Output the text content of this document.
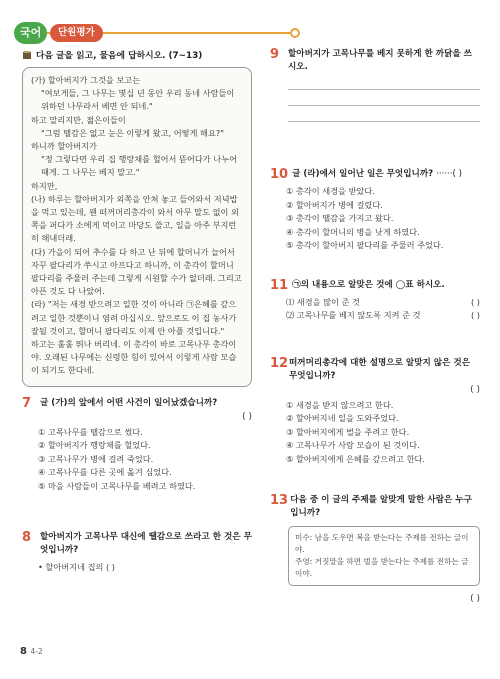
국어	단원평가
다음 글을 읽고, 물음에 답하시오. (7~13)

(가) 할아버지가 그것을 보고는

"여보게들, 그 나무는 몇십 년 동안 우리 동네 사람들이 위하던 나무라서 베면 안 되네."

하고 말리지만, 젊은이들이

"그럼 땔감은 없고 눈은 이렇게 왔고, 어떻게 해요?"

하니까 할아버지가

"정 그렇다면 우리 집 행랑채를 헐어서 뜯어다가 나누어 때게. 그 나무는 베지 말고."

하지만,

(나) 하루는 할아버지가 외쪽을 안쳐 놓고 들어와서 저녁밥을 먹고 있는데, 웬 떠꺼머리총각이 와서 아무 말도 없이 외쪽을 퍼다가 소에게 먹이고 마당도 쓸고, 일을 아주 부지런히 해내더래.

(다) 가을이 되어 추수를 다 하고 난 뒤에 할머니가 늘어서 자꾸 팔다리가 쑤시고 아프다고 하니까, 이 총각이 할머니 팔다리를 주물러 주는데 그렇게 시원할 수가 없더래. 그리고 아픈 것도 다 나았어.

(라) "저는 새경 받으려고 일한 것이 아니라 ㉠은혜를 갚으려고 일한 것뿐이니 염려 마십시오. 앞으로도 이 집 농사가 잘될 것이고, 할머니 팔다리도 이제 안 아플 것입니다."

하고는 훌훌 뛰나 버리네. 이 총각이 바로 고목나무 총각이야. 오래된 나무에는 신령한 힘이 있어서 이렇게 사람 모습이 되기도 한다네.

7	글 (가)의 앞에서 어떤 사건이 일어났겠습니까?
( )
① 고목나무를 땔감으로 썼다.
② 할아버지가 행랑채를 헐었다.
③ 고목나무가 병에 걸려 죽었다.
④ 고목나무를 다른 곳에 옮겨 심었다.
⑤ 마을 사람들이 고목나무를 베려고 하였다.
8	할아버지가 고목나무 대신에 땔감으로 쓰라고 한 것은 무엇입니까?
• 할아버지네 집의 ( )
9	할아버지가 고목나무를 베지 못하게 한 까닭을 쓰시오.
10 글 (라)에서 일어난 일은 무엇입니까? ······( )
① 총각이 새경을 받았다.
② 할아버지가 병에 걸렸다.
③ 총각이 땔감을 가지고 왔다.
④ 총각이 할머니의 병을 낫게 하였다.
⑤ 총각이 할아버지 팔다리를 주물러 주었다.
11 ㉠의 내용으로 알맞은 것에 ◯표 하시오.
⑴ 새경을 많이 준 것	( )
⑵ 고목나무를 베지 않도록 지켜 준 것	( )
12 떠꺼머리총각에 대한 설명으로 알맞지 않은 것은 무엇입니까?
( )
① 새경을 받지 않으려고 한다.
② 할아버지네 일을 도와주었다.
③ 할아버지에게 벌을 주려고 한다.
④ 고목나무가 사람 모습이 된 것이다.
⑤ 할아버지에게 은혜를 갚으려고 한다.
13 다음 중 이 글의 주제를 알맞게 말한 사람은 누구입니까?
미수: 남을 도우면 복을 받는다는 주제를 전하는 글이야.
주영: 거짓말을 하면 벌을 받는다는 주제를 전하는 글이야.
( )
8 4-2
